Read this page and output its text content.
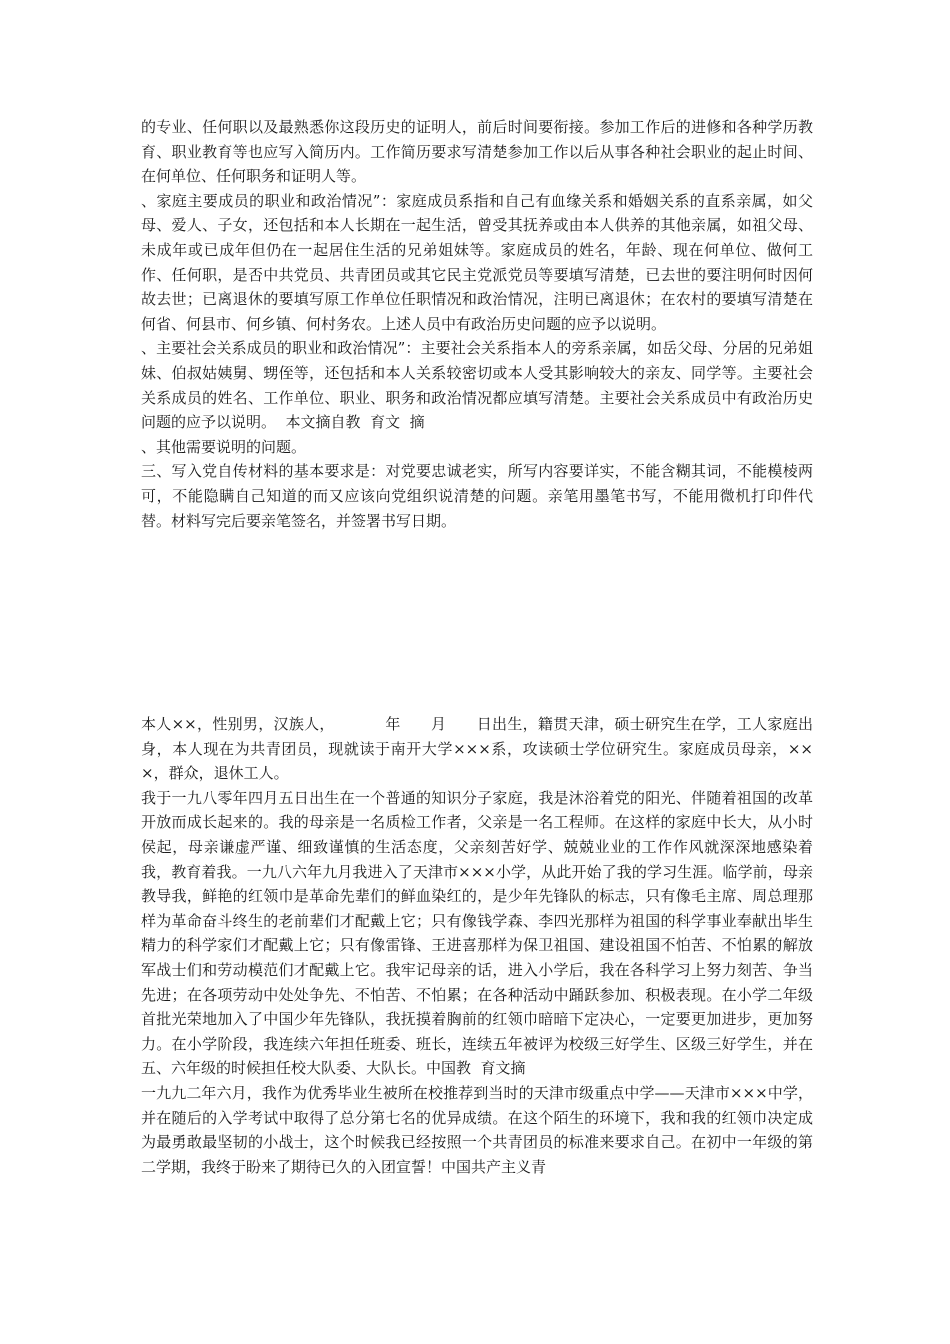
的专业、任何职以及最熟悉你这段历史的证明人，前后时间要衔接。参加工作后的进修和各种学历教育、职业教育等也应写入简历内。工作简历要求写清楚参加工作以后从事各种社会职业的起止时间、在何单位、任何职务和证明人等。

、家庭主要成员的职业和政治情况”：家庭成员系指和自己有血缘关系和婚姻关系的直系亲属，如父母、爱人、子女，还包括和本人长期在一起生活，曾受其抚养或由本人供养的其他亲属，如祖父母、未成年或已成年但仍在一起居住生活的兄弟姐妹等。家庭成员的姓名，年龄、现在何单位、做何工作、任何职，是否中共党员、共青团员或其它民主党派党员等要填写清楚，已去世的要注明何时因何故去世；已离退休的要填写原工作单位任职情况和政治情况，注明已离退休；在农村的要填写清楚在何省、何县市、何乡镇、何村务农。上述人员中有政治历史问题的应予以说明。

、主要社会关系成员的职业和政治情况”：主要社会关系指本人的旁系亲属，如岳父母、分居的兄弟姐妹、伯叔姑姨舅、甥侄等，还包括和本人关系较密切或本人受其影响较大的亲友、同学等。主要社会关系成员的姓名、工作单位、职业、职务和政治情况都应填写清楚。主要社会关系成员中有政治历史问题的应予以说明。  本文摘自教  育文  摘

、其他需要说明的问题。

三、写入党自传材料的基本要求是：对党要忠诚老实，所写内容要详实，不能含糊其词，不能模棱两可，不能隐瞒自己知道的而又应该向党组织说清楚的问题。亲笔用墨笔书写，不能用微机打印件代替。材料写完后要亲笔签名，并签署书写日期。

本人××，性别男，汉族人，          年      月      日出生，籍贯天津，硕士研究生在学，工人家庭出身，本人现在为共青团员，现就读于南开大学×××系，攻读硕士学位研究生。家庭成员母亲，×××，群众，退休工人。

我于一九八零年四月五日出生在一个普通的知识分子家庭，我是沐浴着党的阳光、伴随着祖国的改革开放而成长起来的。我的母亲是一名质检工作者，父亲是一名工程师。在这样的家庭中长大，从小时侯起，母亲谦虚严谨、细致谨慎的生活态度，父亲刻苦好学、兢兢业业的工作作风就深深地感染着我，教育着我。一九八六年九月我进入了天津市×××小学，从此开始了我的学习生涯。临学前，母亲教导我，鲜艳的红领巾是革命先辈们的鲜血染红的，是少年先锋队的标志，只有像毛主席、周总理那样为革命奋斗终生的老前辈们才配戴上它；只有像钱学森、李四光那样为祖国的科学事业奉献出毕生精力的科学家们才配戴上它；只有像雷锋、王进喜那样为保卫祖国、建设祖国不怕苦、不怕累的解放军战士们和劳动模范们才配戴上它。我牢记母亲的话，进入小学后，我在各科学习上努力刻苦、争当先进；在各项劳动中处处争先、不怕苦、不怕累；在各种活动中踊跃参加、积极表现。在小学二年级首批光荣地加入了中国少年先锋队，我抚摸着胸前的红领巾暗暗下定决心，一定要更加进步，更加努力。在小学阶段，我连续六年担任班委、班长，连续五年被评为校级三好学生、区级三好学生，并在五、六年级的时候担任校大队委、大队长。中国教  育文摘

一九九二年六月，我作为优秀毕业生被所在校推荐到当时的天津市级重点中学——天津市×××中学，并在随后的入学考试中取得了总分第七名的优异成绩。在这个陌生的环境下，我和我的红领巾决定成为最勇敢最坚韧的小战士，这个时候我已经按照一个共青团员的标准来要求自己。在初中一年级的第二学期，我终于盼来了期待已久的入团宣誓！中国共产主义青
